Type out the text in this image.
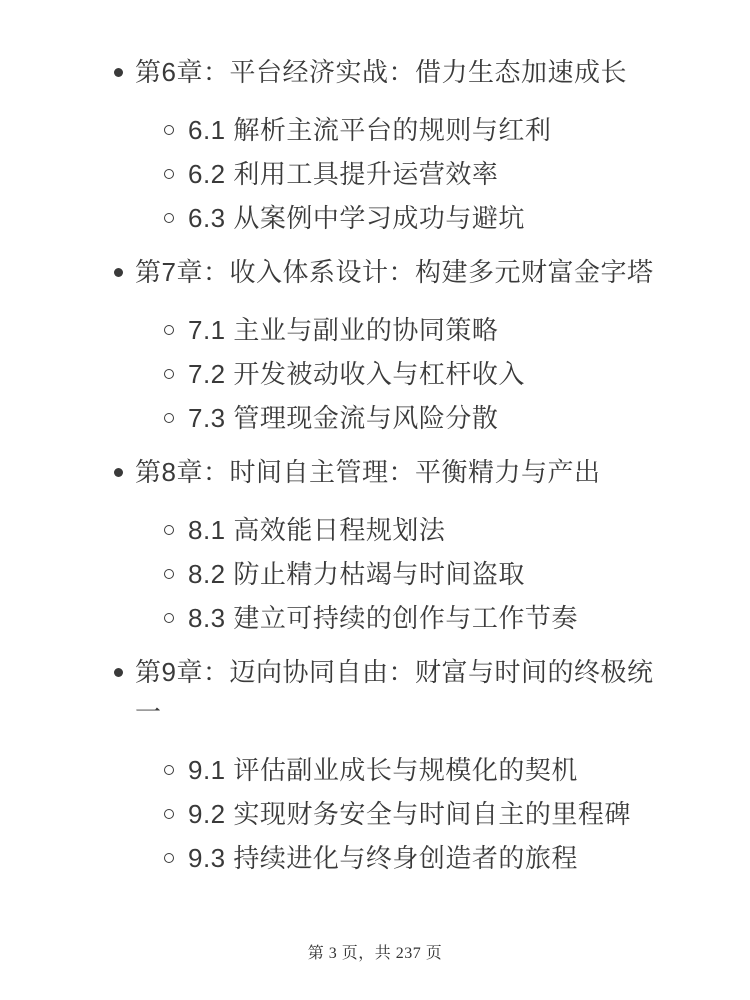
第6章：平台经济实战：借力生态加速成长
6.1 解析主流平台的规则与红利
6.2 利用工具提升运营效率
6.3 从案例中学习成功与避坑
第7章：收入体系设计：构建多元财富金字塔
7.1 主业与副业的协同策略
7.2 开发被动收入与杠杆收入
7.3 管理现金流与风险分散
第8章：时间自主管理：平衡精力与产出
8.1 高效能日程规划法
8.2 防止精力枯竭与时间盗取
8.3 建立可持续的创作与工作节奏
第9章：迈向协同自由：财富与时间的终极统一
9.1 评估副业成长与规模化的契机
9.2 实现财务安全与时间自主的里程碑
9.3 持续进化与终身创造者的旅程
第 3 页，共 237 页
